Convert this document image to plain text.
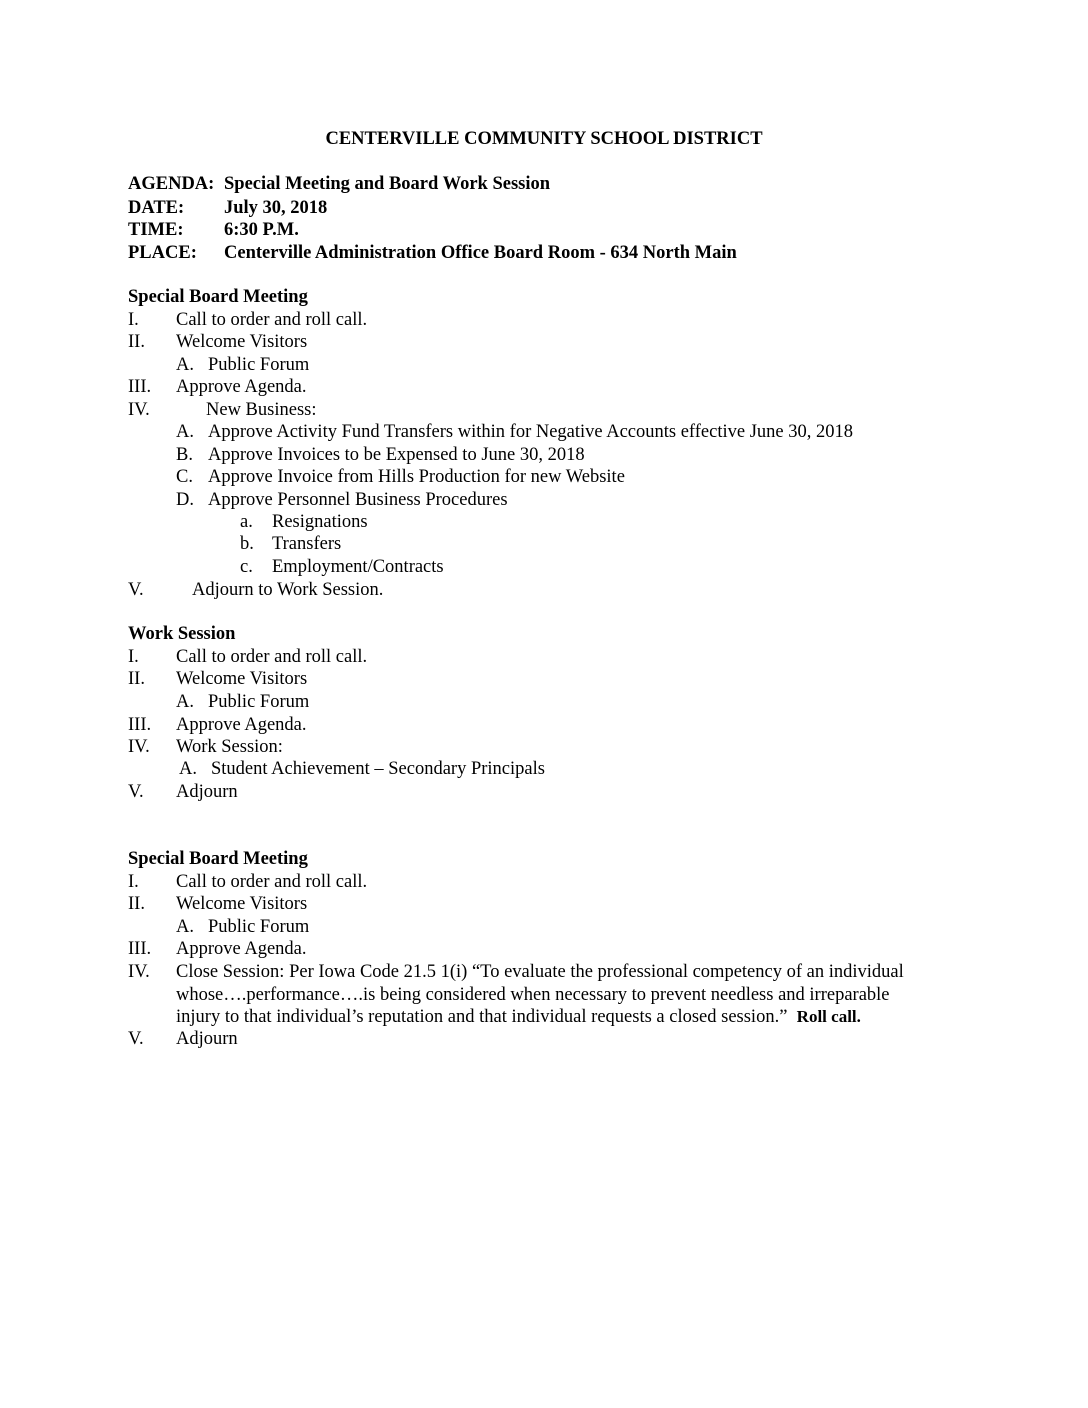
CENTERVILLE COMMUNITY SCHOOL DISTRICT
AGENDA: Special Meeting and Board Work Session
DATE: July 30, 2018
TIME: 6:30 P.M.
PLACE: Centerville Administration Office Board Room - 634 North Main
Special Board Meeting
I. Call to order and roll call.
II. Welcome Visitors
A. Public Forum
III. Approve Agenda.
IV.	New Business:
A. Approve Activity Fund Transfers within for Negative Accounts effective June 30, 2018
B. Approve Invoices to be Expensed to June 30, 2018
C. Approve Invoice from Hills Production for new Website
D. Approve Personnel Business Procedures
a. Resignations
b. Transfers
c. Employment/Contracts
V.	Adjourn to Work Session.
Work Session
I. Call to order and roll call.
II. Welcome Visitors
A. Public Forum
III. Approve Agenda.
IV. Work Session:
A. Student Achievement – Secondary Principals
V. Adjourn
Special Board Meeting
I. Call to order and roll call.
II. Welcome Visitors
A. Public Forum
III. Approve Agenda.
IV. Close Session: Per Iowa Code 21.5 1(i) “To evaluate the professional competency of an individual
whose….performance….is being considered when necessary to prevent needless and irreparable
injury to that individual’s reputation and that individual requests a closed session.” Roll call.
V. Adjourn
